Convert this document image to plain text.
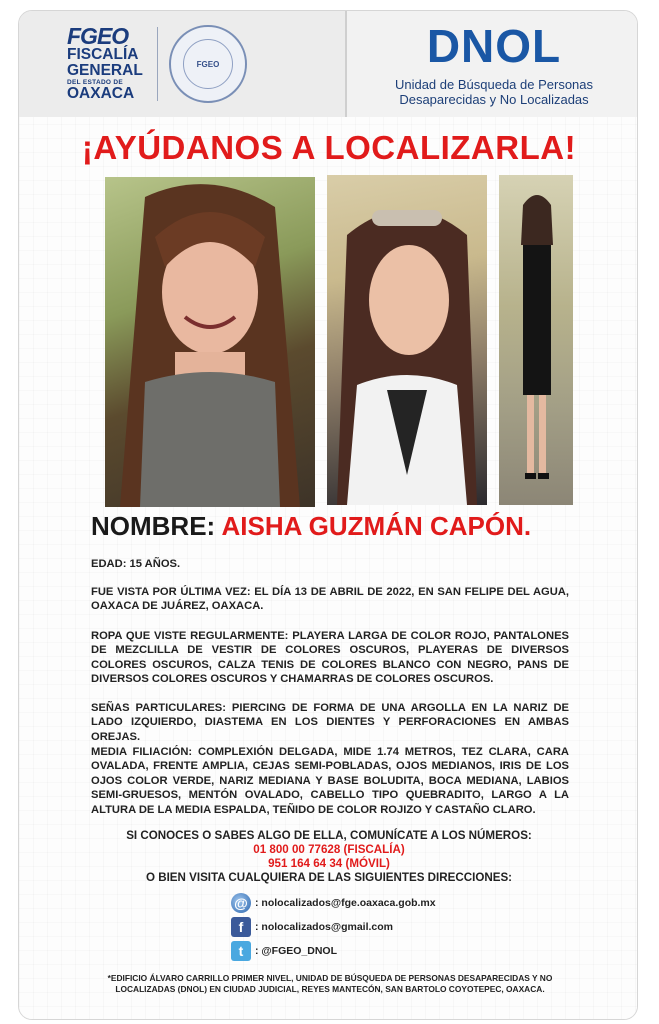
FGEO
FISCALÍA
GENERAL
DEL ESTADO DE
OAXACA
FGEO	DNOL
Unidad de Búsqueda de Personas
Desaparecidas y No Localizadas
¡AYÚDANOS A LOCALIZARLA!
NOMBRE: AISHA GUZMÁN CAPÓN.

EDAD: 15 AÑOS.

FUE VISTA POR ÚLTIMA VEZ: EL DÍA 13 DE ABRIL DE 2022, EN SAN FELIPE DEL AGUA, OAXACA DE JUÁREZ, OAXACA.

ROPA QUE VISTE REGULARMENTE: PLAYERA LARGA DE COLOR ROJO, PANTALONES DE MEZCLILLA DE VESTIR DE COLORES OSCUROS, PLAYERAS DE DIVERSOS COLORES OSCUROS, CALZA TENIS DE COLORES BLANCO CON NEGRO, PANS DE DIVERSOS COLORES OSCUROS Y CHAMARRAS DE COLORES OSCUROS.

SEÑAS PARTICULARES: PIERCING DE FORMA DE UNA ARGOLLA EN LA NARIZ DE LADO IZQUIERDO, DIASTEMA EN LOS DIENTES Y PERFORACIONES EN AMBAS OREJAS.

MEDIA FILIACIÓN: COMPLEXIÓN DELGADA, MIDE 1.74 METROS, TEZ CLARA, CARA OVALADA, FRENTE AMPLIA, CEJAS SEMI-POBLADAS, OJOS MEDIANOS, IRIS DE LOS OJOS COLOR VERDE, NARIZ MEDIANA Y BASE BOLUDITA, BOCA MEDIANA, LABIOS SEMI-GRUESOS, MENTÓN OVALADO, CABELLO TIPO QUEBRADITO, LARGO A LA ALTURA DE LA MEDIA ESPALDA, TEÑIDO DE COLOR ROJIZO Y CASTAÑO CLARO.

SI CONOCES O SABES ALGO DE ELLA, COMUNÍCATE A LOS NÚMEROS:
01 800 00 77628 (FISCALÍA)
951 164 64 34 (MÓVIL)
O BIEN VISITA CUALQUIERA DE LAS SIGUIENTES DIRECCIONES:
@ : nolocalizados@fge.oaxaca.gob.mx
f	: nolocalizados@gmail.com
t	: @FGEO_DNOL

*EDIFICIO ÁLVARO CARRILLO PRIMER NIVEL, UNIDAD DE BÚSQUEDA DE PERSONAS DESAPARECIDAS Y NO LOCALIZADAS (DNOL) EN CIUDAD JUDICIAL, REYES MANTECÓN, SAN BARTOLO COYOTEPEC, OAXACA.
